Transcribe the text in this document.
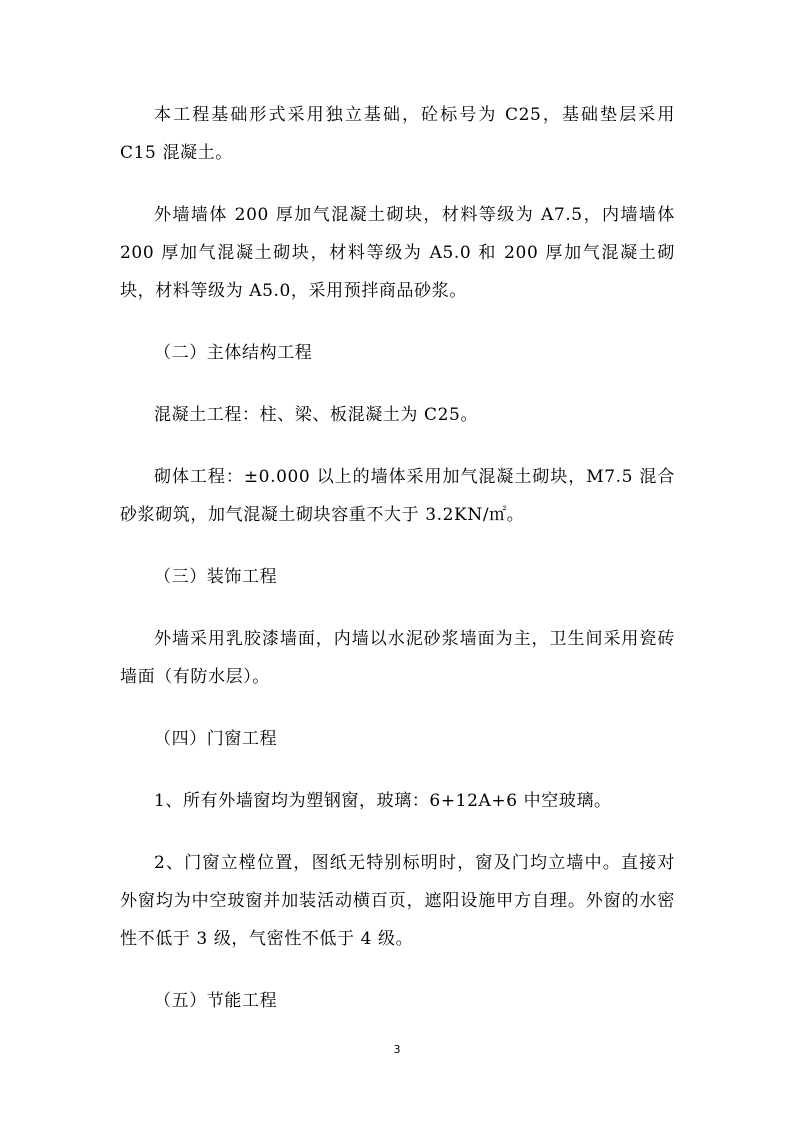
本工程基础形式采用独立基础，砼标号为 C25，基础垫层采用 C15 混凝土。

外墙墙体 200 厚加气混凝土砌块，材料等级为 A7.5，内墙墙体 200 厚加气混凝土砌块，材料等级为 A5.0 和 200 厚加气混凝土砌块，材料等级为 A5.0，采用预拌商品砂浆。

（二）主体结构工程

混凝土工程：柱、梁、板混凝土为 C25。

砌体工程：±0.000 以上的墙体采用加气混凝土砌块，M7.5 混合砂浆砌筑，加气混凝土砌块容重不大于 3.2KN/㎡。

（三）装饰工程

外墙采用乳胶漆墙面，内墙以水泥砂浆墙面为主，卫生间采用瓷砖墙面（有防水层）。

（四）门窗工程

1、所有外墙窗均为塑钢窗，玻璃：6+12A+6 中空玻璃。

2、门窗立樘位置，图纸无特别标明时，窗及门均立墙中。直接对外窗均为中空玻窗并加装活动横百页，遮阳设施甲方自理。外窗的水密性不低于 3 级，气密性不低于 4 级。

（五）节能工程

3
